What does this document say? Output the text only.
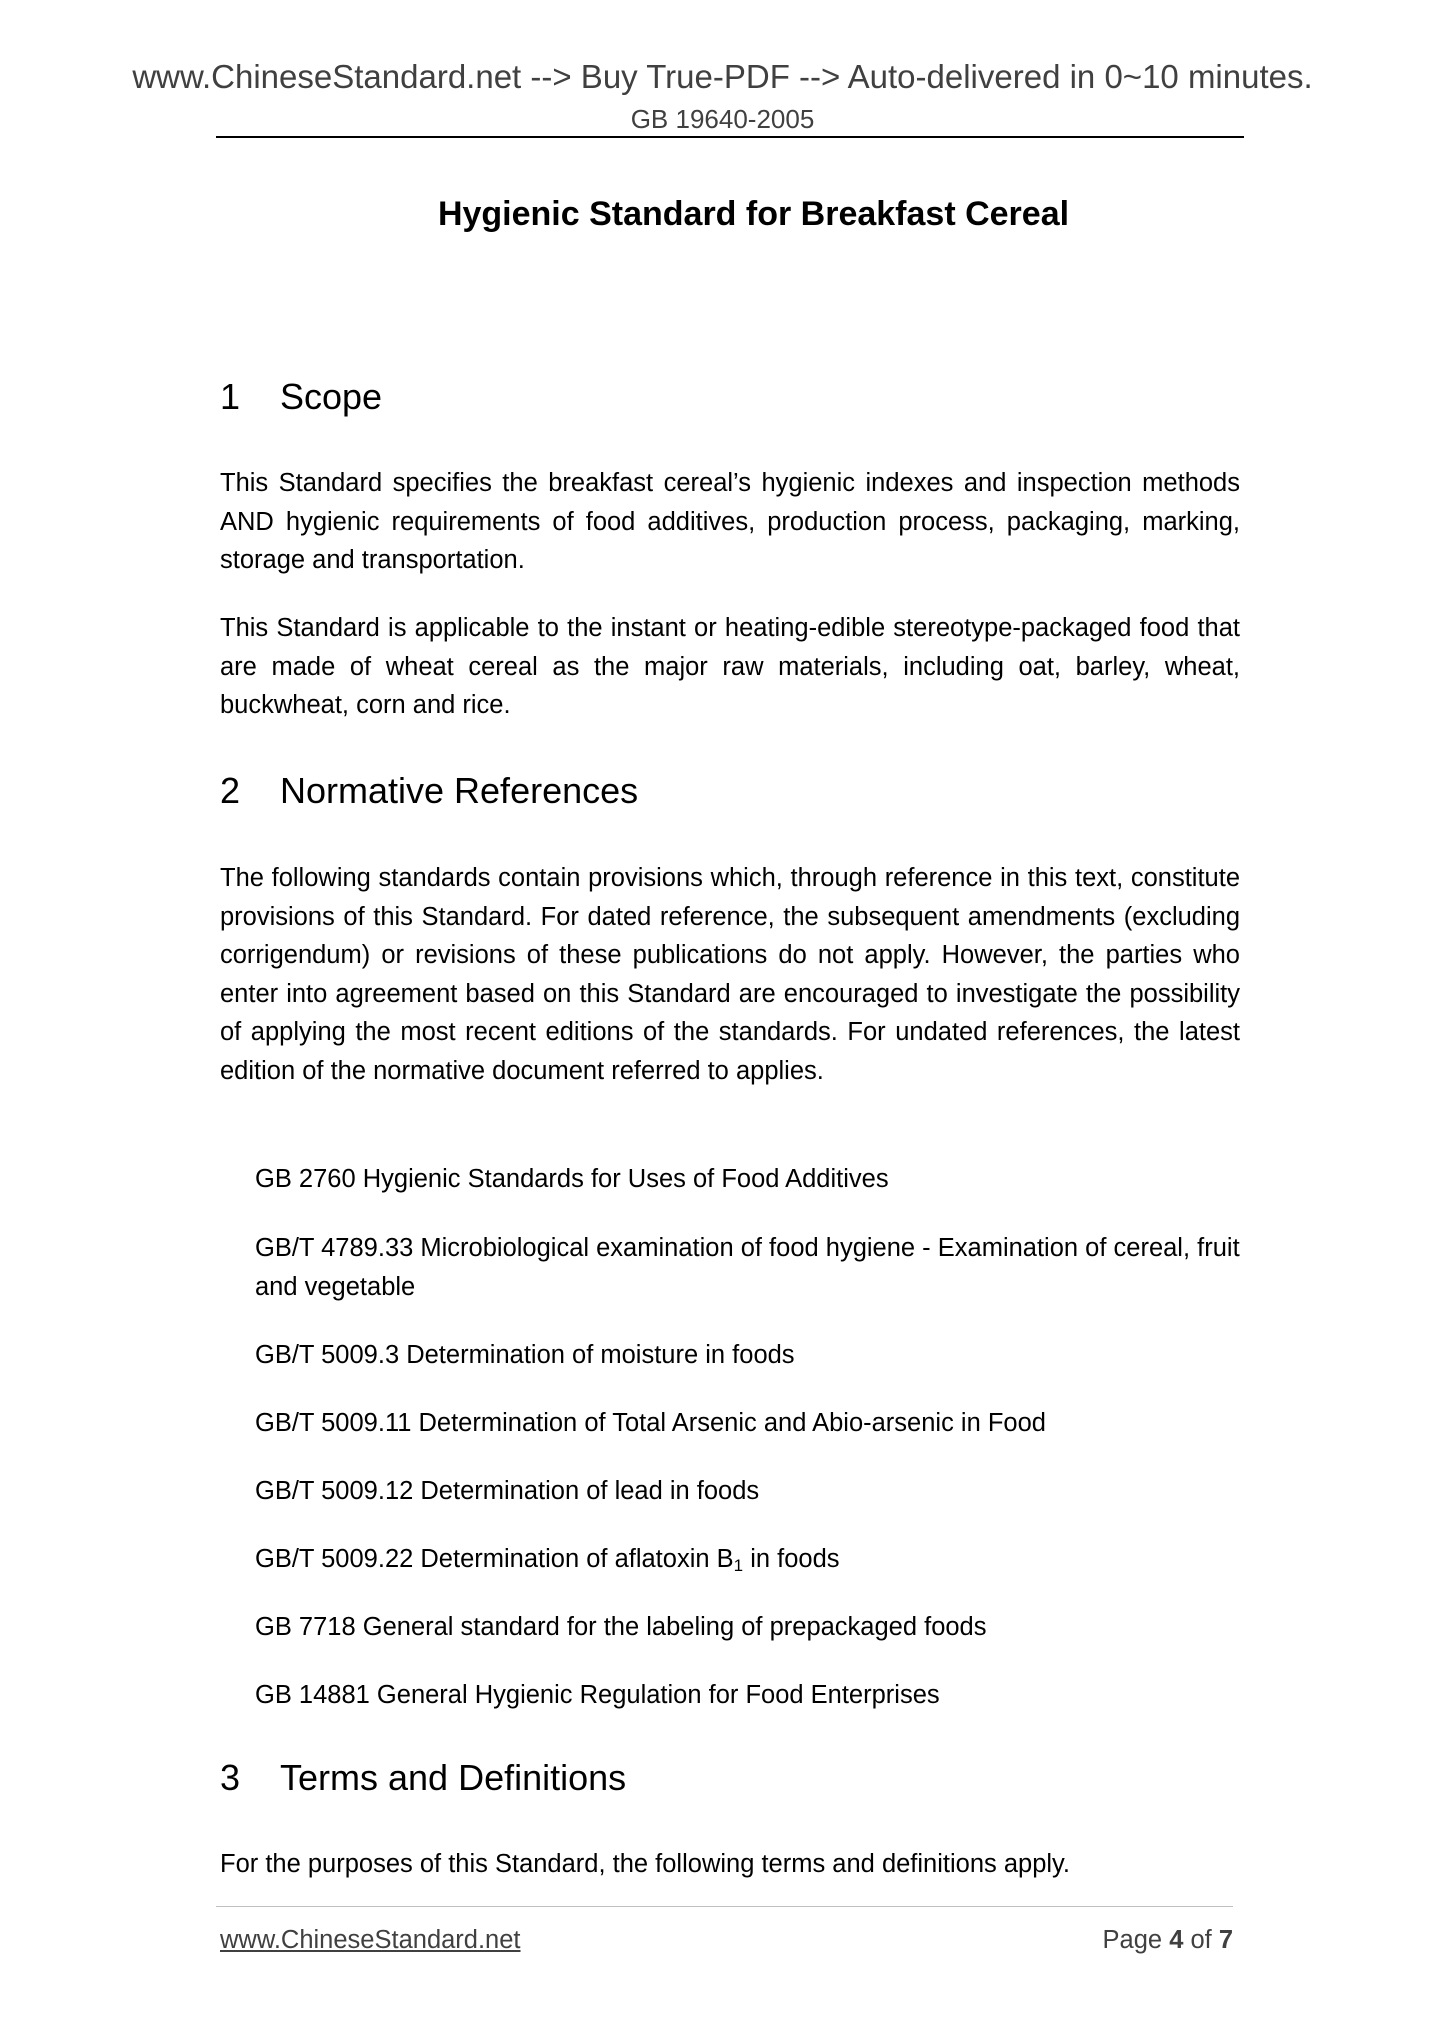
www.ChineseStandard.net --> Buy True-PDF --> Auto-delivered in 0~10 minutes.
GB 19640-2005
Hygienic Standard for Breakfast Cereal
1 Scope
This Standard specifies the breakfast cereal’s hygienic indexes and inspection methods AND hygienic requirements of food additives, production process, packaging, marking, storage and transportation.
This Standard is applicable to the instant or heating-edible stereotype-packaged food that are made of wheat cereal as the major raw materials, including oat, barley, wheat, buckwheat, corn and rice.
2 Normative References
The following standards contain provisions which, through reference in this text, constitute provisions of this Standard. For dated reference, the subsequent amendments (excluding corrigendum) or revisions of these publications do not apply. However, the parties who enter into agreement based on this Standard are encouraged to investigate the possibility of applying the most recent editions of the standards. For undated references, the latest edition of the normative document referred to applies.
GB 2760 Hygienic Standards for Uses of Food Additives
GB/T 4789.33 Microbiological examination of food hygiene - Examination of cereal, fruit and vegetable
GB/T 5009.3 Determination of moisture in foods
GB/T 5009.11 Determination of Total Arsenic and Abio-arsenic in Food
GB/T 5009.12 Determination of lead in foods
GB/T 5009.22 Determination of aflatoxin $B_1$ in foods
GB 7718 General standard for the labeling of prepackaged foods
GB 14881 General Hygienic Regulation for Food Enterprises
3 Terms and Definitions
For the purposes of this Standard, the following terms and definitions apply.
www.ChineseStandard.net	Page 4 of 7
